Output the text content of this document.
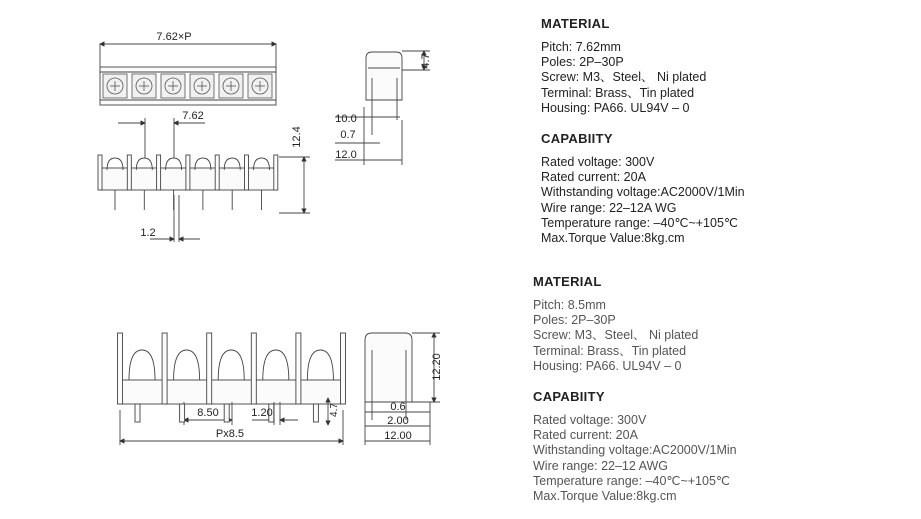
7.62×P
7.62
1.2
12.4
4.7
10.0
0.7
12.0
8.50	1.20
Px8.5
4.7
12.20
0.6
2.00
12.00
MATERIAL
Pitch: 7.62mm
Poles: 2P–30P
Screw: M3、Steel、 Ni plated
Terminal: Brass、Tin plated
Housing: PA66. UL94V – 0
CAPABIITY
Rated voltage: 300V
Rated current: 20A
Withstanding voltage:AC2000V/1Min
Wire range: 22–12A WG
Temperature range: –40℃~+105℃
Max.Torque Value:8kg.cm
MATERIAL
Pitch: 8.5mm
Poles: 2P–30P
Screw: M3、Steel、 Ni plated
Terminal: Brass、Tin plated
Housing: PA66. UL94V – 0
CAPABIITY
Rated voltage: 300V
Rated current: 20A
Withstanding voltage:AC2000V/1Min
Wire range: 22–12 AWG
Temperature range: –40℃~+105℃
Max.Torque Value:8kg.cm
